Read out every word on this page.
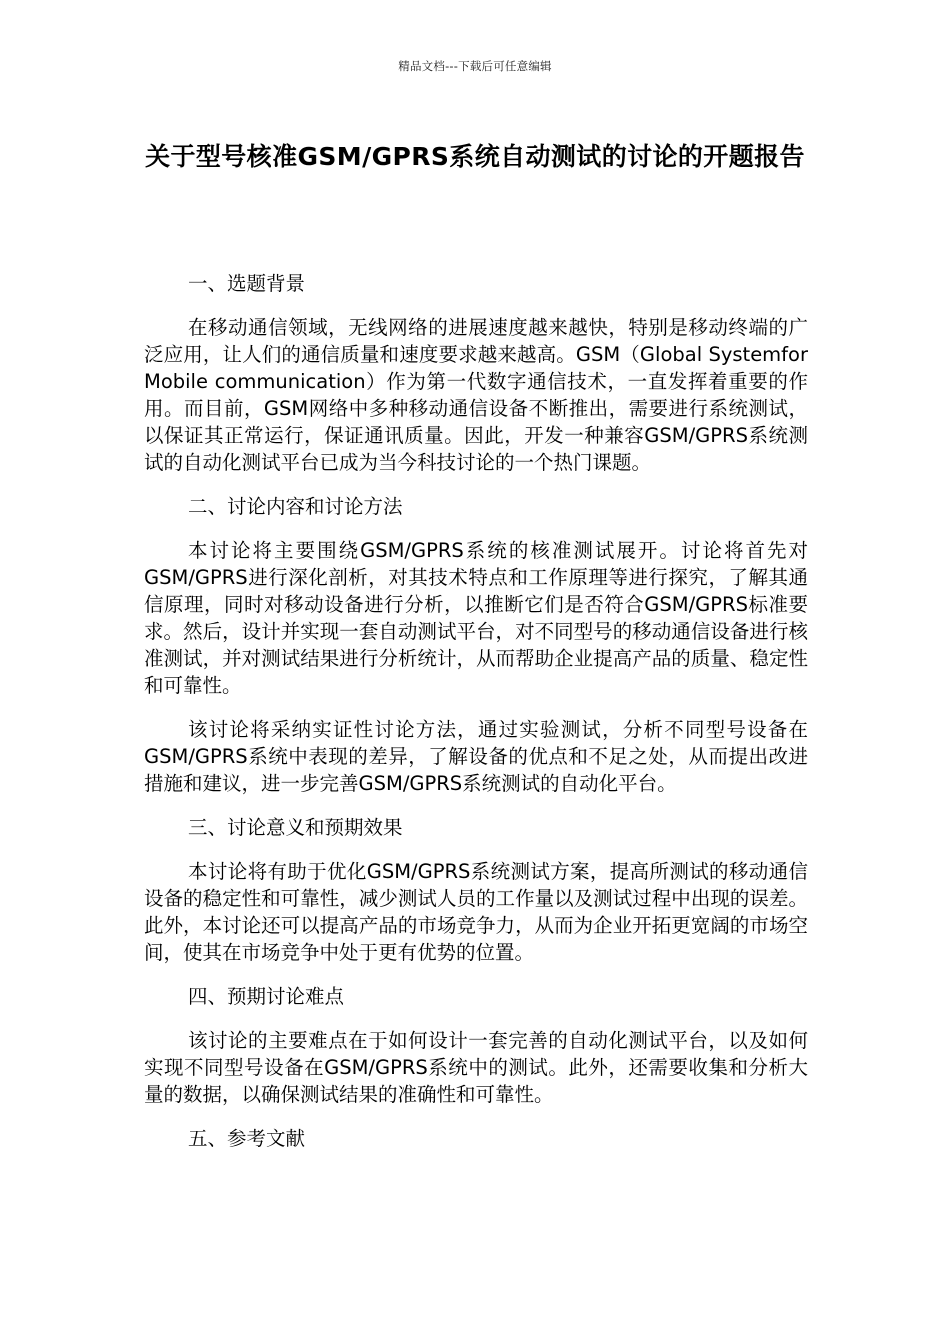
精品文档---下载后可任意编辑
关于型号核准GSM/GPRS系统自动测试的讨论的开题报告
一、选题背景

在移动通信领域，无线网络的进展速度越来越快，特别是移动终端的广泛应用，让人们的通信质量和速度要求越来越高。GSM（Global Systemfor Mobile communication）作为第一代数字通信技术，一直发挥着重要的作用。而目前，GSM网络中多种移动通信设备不断推出，需要进行系统测试，以保证其正常运行，保证通讯质量。因此，开发一种兼容GSM/GPRS系统测试的自动化测试平台已成为当今科技讨论的一个热门课题。

二、讨论内容和讨论方法

本讨论将主要围绕GSM/GPRS系统的核准测试展开。讨论将首先对GSM/GPRS进行深化剖析，对其技术特点和工作原理等进行探究，了解其通信原理，同时对移动设备进行分析，以推断它们是否符合GSM/GPRS标准要求。然后，设计并实现一套自动测试平台，对不同型号的移动通信设备进行核准测试，并对测试结果进行分析统计，从而帮助企业提高产品的质量、稳定性和可靠性。

该讨论将采纳实证性讨论方法，通过实验测试，分析不同型号设备在GSM/GPRS系统中表现的差异，了解设备的优点和不足之处，从而提出改进措施和建议，进一步完善GSM/GPRS系统测试的自动化平台。

三、讨论意义和预期效果

本讨论将有助于优化GSM/GPRS系统测试方案，提高所测试的移动通信设备的稳定性和可靠性，减少测试人员的工作量以及测试过程中出现的误差。此外，本讨论还可以提高产品的市场竞争力，从而为企业开拓更宽阔的市场空间，使其在市场竞争中处于更有优势的位置。

四、预期讨论难点

该讨论的主要难点在于如何设计一套完善的自动化测试平台，以及如何实现不同型号设备在GSM/GPRS系统中的测试。此外，还需要收集和分析大量的数据，以确保测试结果的准确性和可靠性。

五、参考文献
